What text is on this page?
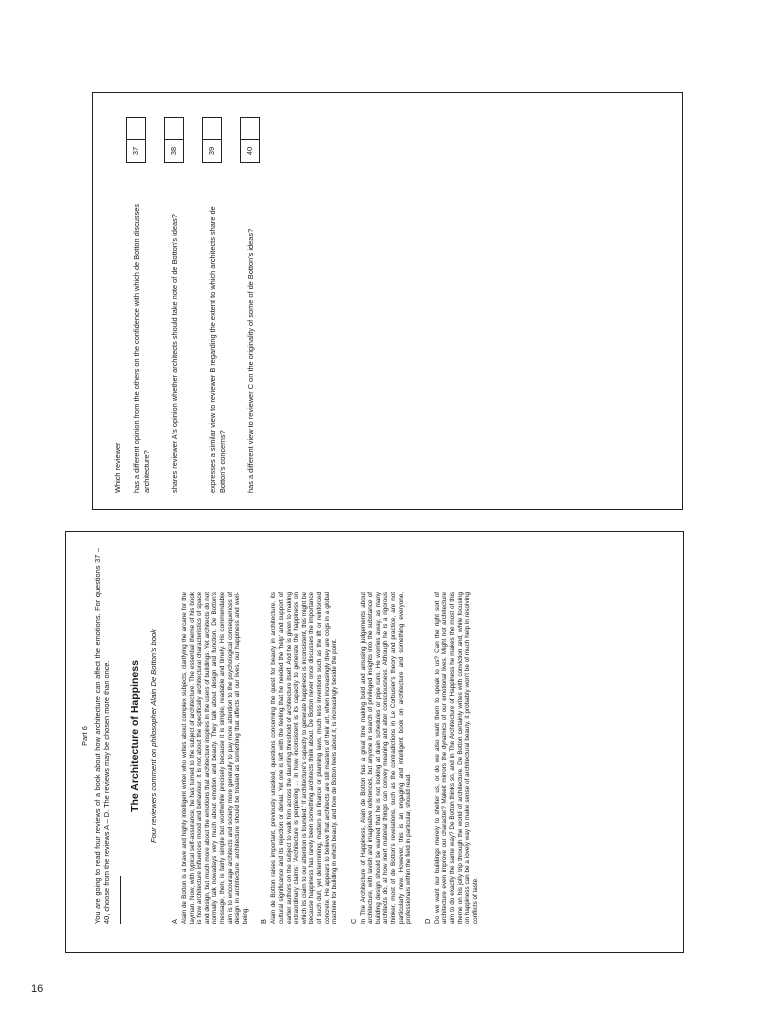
16

Which reviewer has a different opinion from the others on the confidence with which de Botton discusses architecture?
37
shares reviewer A's opinion whether architects should take note of de Botton's ideas?
38
expresses a similar view to reviewer B regarding the extent to which architects share de Botton's concerns?
39
has a different view to reviewer C on the originality of some of de Botton's ideas?
40

Part 6 You are going to read four reviews of a book about how architecture can affect the emotions. For questions 37 – 40, choose from the reviews A – D. The reviews may be chosen more than once. The Architecture of Happiness Four reviewers comment on philosopher Alain De Botton's book

A Alain de Botton is a brave and highly intelligent writer who writes about complex subjects, clarifying the arcane for the layman. Now, with typical self-assurance, he has turned to the subject of architecture. The essential theme of his book is how architecture influences mood and behaviour. It is not about the specifically architectural characteristics of space and design, but much more about the emotions that architecture inspires in the users of buildings. Yet architects do not normally talk nowadays very much about emotion and beauty. They talk about design and function. De Botton's message, then, is fairly simple but worthwhile precisely because it is simple, readable and timely. His commendable aim is to encourage architects and society more generally to pay more attention to the psychological consequences of design in architecture: architecture should be treated as something that affects all our lives, our happiness and well-being. B Alain de Botton raises important, previously unasked, questions concerning the quest for beauty in architecture, its cultural significance and its rejection or denial. Yet one is left with the feeling that he needed the 'help' and support of earlier authors on the subject to walk him across the daunting threshold of architecture itself. And he is given to making extraordinary claims: 'Architecture is perplexing ... in how inconsistent is its capacity to generate the happiness on which its claim to our attention is founded.' If architecture's capacity to generate happiness is inconsistent, this might be because happiness has rarely been something architects think about. De Botton never once discusses the importance of such dull, yet determining, matters as finance or planning laws, much less inventions such as the lift or reinforced concrete. He appears to believe that architects are still masters of their art, when increasingly they are cogs in a global machine for building in which beauty, and how de Botton feels about it, is increasingly beside the point. C In The Architecture of Happiness, Alain de Botton has a great time making bold and amusing judgements about architecture, with lavish and imaginative references, but anyone in search of privileged insights into the substance of building design should be warned that he is not looking at drain schedules or pipe runs. He worries away, as many architects do, at how inert material things can convey meaning and alter consciousness. Although he is a rigorous thinker, most of de Botton's revelations, such as the contradictions in Le Corbusier's theory and practice, are not particularly new. However, this is an engaging and intelligent book on architecture and something everyone, professionals within the field in particular, should read. D Do we want our buildings merely to shelter us, or do we also want them to speak to us? Can the right sort of architecture even improve our character? Makeit mirrors the dynamics of our emotional lives. Might not architecture aim to do exactly the same way? De Botton thinks so, and in The Architecture of Happiness he makes the most of this theme on his jolly trip through the world of architecture. De Botton certainly writes with conviction and, while focusing on happiness can be a lovely way to make sense of architectural beauty, it probably won't be of much help in resolving conflicts of taste.
